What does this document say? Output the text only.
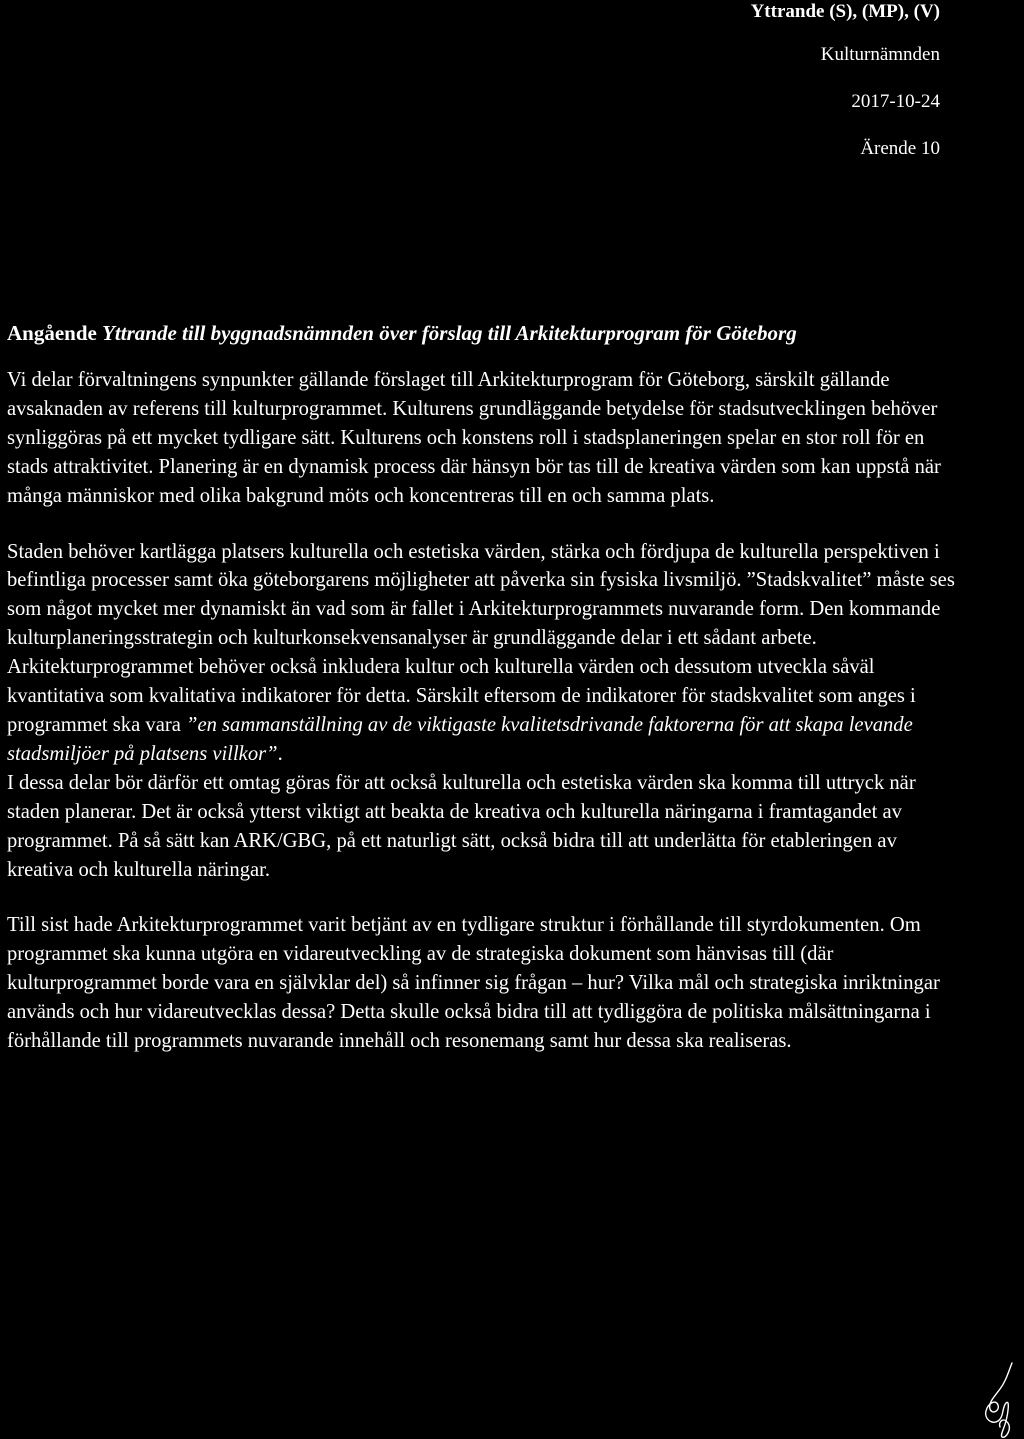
Yttrande (S), (MP), (V)
Kulturnämnden
2017-10-24
Ärende 10
Angående Yttrande till byggnadsnämnden över förslag till Arkitekturprogram för Göteborg

Vi delar förvaltningens synpunkter gällande förslaget till Arkitekturprogram för Göteborg, särskilt gällande avsaknaden av referens till kulturprogrammet. Kulturens grundläggande betydelse för stadsutvecklingen behöver synliggöras på ett mycket tydligare sätt. Kulturens och konstens roll i stadsplaneringen spelar en stor roll för en stads attraktivitet. Planering är en dynamisk process där hänsyn bör tas till de kreativa värden som kan uppstå när många människor med olika bakgrund möts och koncentreras till en och samma plats.

Staden behöver kartlägga platsers kulturella och estetiska värden, stärka och fördjupa de kulturella perspektiven i befintliga processer samt öka göteborgarens möjligheter att påverka sin fysiska livsmiljö. ”Stadskvalitet” måste ses som något mycket mer dynamiskt än vad som är fallet i Arkitekturprogrammets nuvarande form. Den kommande kulturplaneringsstrategin och kulturkonsekvensanalyser är grundläggande delar i ett sådant arbete.

Arkitekturprogrammet behöver också inkludera kultur och kulturella värden och dessutom utveckla såväl kvantitativa som kvalitativa indikatorer för detta. Särskilt eftersom de indikatorer för stadskvalitet som anges i programmet ska vara ”en sammanställning av de viktigaste kvalitetsdrivande faktorerna för att skapa levande stadsmiljöer på platsens villkor”.

I dessa delar bör därför ett omtag göras för att också kulturella och estetiska värden ska komma till uttryck när staden planerar. Det är också ytterst viktigt att beakta de kreativa och kulturella näringarna i framtagandet av programmet. På så sätt kan ARK/GBG, på ett naturligt sätt, också bidra till att underlätta för etableringen av kreativa och kulturella näringar.

Till sist hade Arkitekturprogrammet varit betjänt av en tydligare struktur i förhållande till styrdokumenten. Om programmet ska kunna utgöra en vidareutveckling av de strategiska dokument som hänvisas till (där kulturprogrammet borde vara en självklar del) så infinner sig frågan – hur? Vilka mål och strategiska inriktningar används och hur vidareutvecklas dessa? Detta skulle också bidra till att tydliggöra de politiska målsättningarna i förhållande till programmets nuvarande innehåll och resonemang samt hur dessa ska realiseras.
